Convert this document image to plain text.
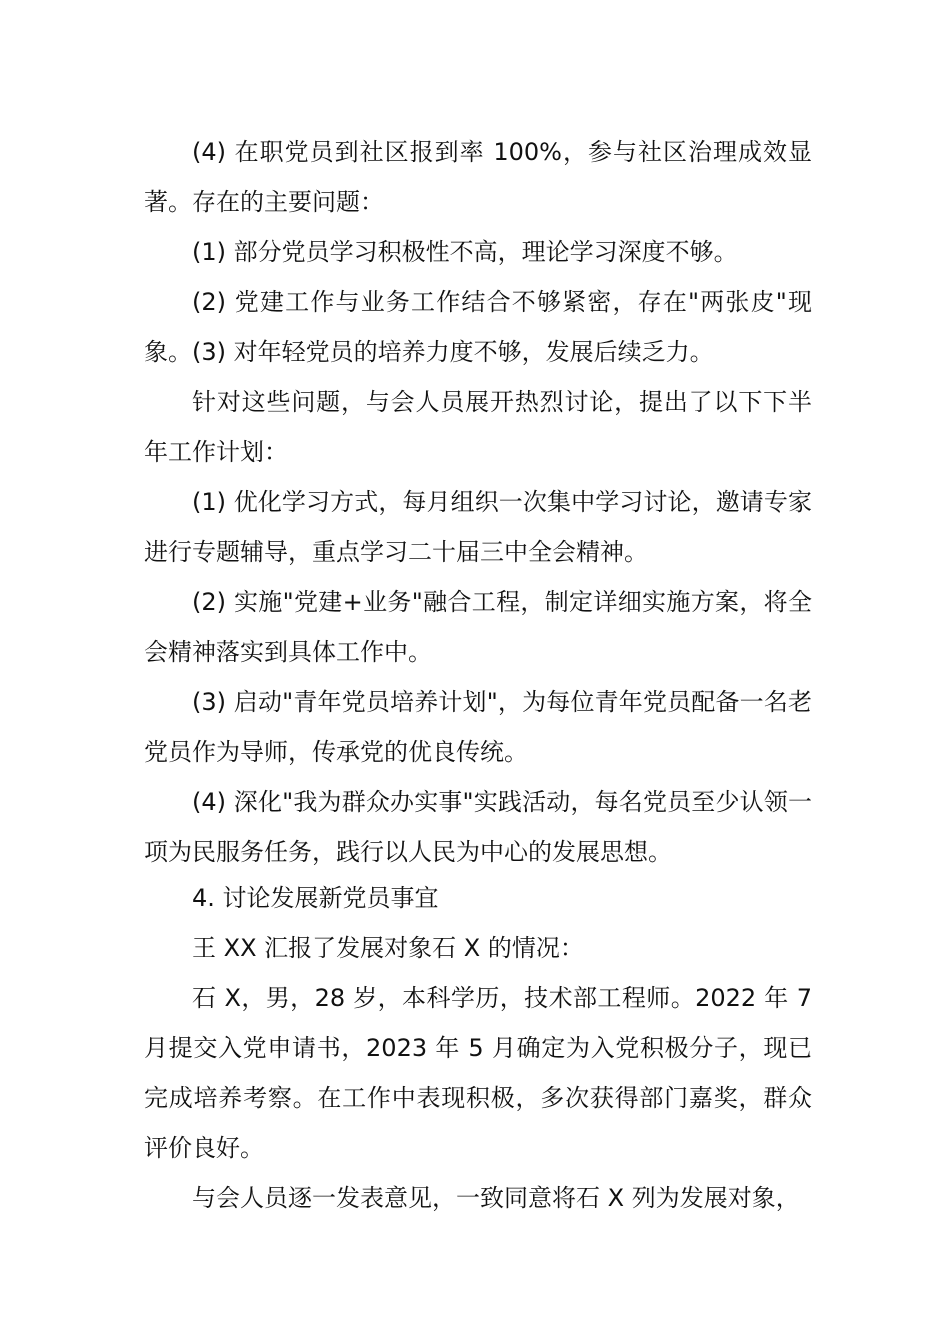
(4) 在职党员到社区报到率 100%，参与社区治理成效显著。 存在的主要问题：

(1) 部分党员学习积极性不高，理论学习深度不够。

(2) 党建工作与业务工作结合不够紧密，存在"两张皮"现象。 (3) 对年轻党员的培养力度不够，发展后续乏力。

针对这些问题，与会人员展开热烈讨论，提出了以下下半年工作计划：

(1) 优化学习方式，每月组织一次集中学习讨论，邀请专家进行专题辅导，重点学习二十届三中全会精神。

(2) 实施"党建+业务"融合工程，制定详细实施方案，将全会精神落实到具体工作中。

(3) 启动"青年党员培养计划"，为每位青年党员配备一名老党员作为导师，传承党的优良传统。

(4) 深化"我为群众办实事"实践活动，每名党员至少认领一项为民服务任务，践行以人民为中心的发展思想。

4. 讨论发展新党员事宜

王 XX 汇报了发展对象石 X 的情况：

石 X，男，28 岁，本科学历，技术部工程师。2022 年 7 月提交入党申请书，2023 年 5 月确定为入党积极分子，现已完成培养考察。在工作中表现积极，多次获得部门嘉奖，群众评价良好。

与会人员逐一发表意见，一致同意将石 X 列为发展对象，
